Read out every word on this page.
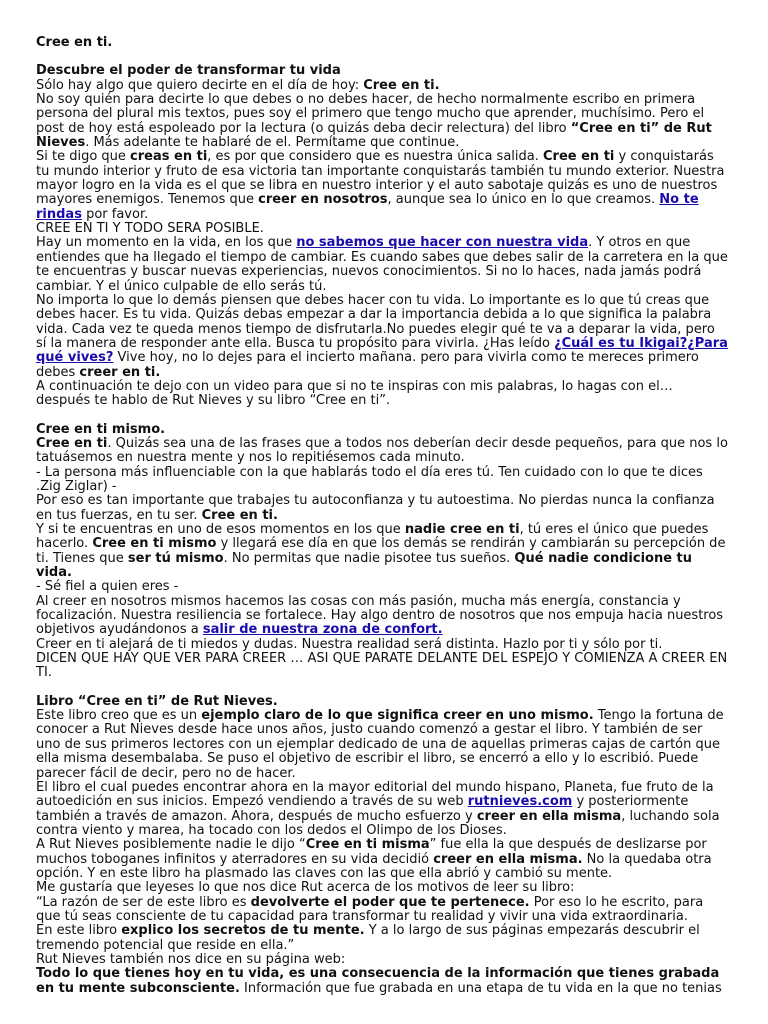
Cree en ti.

Descubre el poder de transformar tu vida

Sólo hay algo que quiero decirte en el día de hoy: Cree en ti.

No soy quién para decirte lo que debes o no debes hacer, de hecho normalmente escribo en primera persona del plural mis textos, pues soy el primero que tengo mucho que aprender, muchísimo. Pero el post de hoy está espoleado por la lectura (o quizás deba decir relectura) del libro “Cree en ti” de Rut Nieves. Más adelante te hablaré de el. Permítame que continue.

Si te digo que creas en ti, es por que considero que es nuestra única salida. Cree en ti y conquistarás tu mundo interior y fruto de esa victoria tan importante conquistarás también tu mundo exterior. Nuestra mayor logro en la vida es el que se libra en nuestro interior y el auto sabotaje quizás es uno de nuestros mayores enemigos. Tenemos que creer en nosotros, aunque sea lo único en lo que creamos. No te rindas por favor.

CREE EN TI Y TODO SERA POSIBLE.

Hay un momento en la vida, en los que no sabemos que hacer con nuestra vida. Y otros en que entiendes que ha llegado el tiempo de cambiar. Es cuando sabes que debes salir de la carretera en la que te encuentras y buscar nuevas experiencias, nuevos conocimientos. Si no lo haces, nada jamás podrá cambiar. Y el único culpable de ello serás tú.

No importa lo que lo demás piensen que debes hacer con tu vida. Lo importante es lo que tú creas que debes hacer. Es tu vida. Quizás debas empezar a dar la importancia debida a lo que significa la palabra vida. Cada vez te queda menos tiempo de disfrutarla.No puedes elegir qué te va a deparar la vida, pero sí la manera de responder ante ella. Busca tu propósito para vivirla. ¿Has leído ¿Cuál es tu Ikigai?¿Para qué vives? Vive hoy, no lo dejes para el incierto mañana. pero para vivirla como te mereces primero debes creer en ti.

A continuación te dejo con un video para que si no te inspiras con mis palabras, lo hagas con el… después te hablo de Rut Nieves y su libro “Cree en ti”.

Cree en ti mismo.

Cree en ti. Quizás sea una de las frases que a todos nos deberían decir desde pequeños, para que nos lo tatuásemos en nuestra mente y nos lo repitiésemos cada minuto.

- La persona más influenciable con la que hablarás todo el día eres tú. Ten cuidado con lo que te dices .Zig Ziglar) -

Por eso es tan importante que trabajes tu autoconfianza y tu autoestima. No pierdas nunca la confianza en tus fuerzas, en tu ser. Cree en ti.

Y si te encuentras en uno de esos momentos en los que nadie cree en ti, tú eres el único que puedes hacerlo. Cree en ti mismo y llegará ese día en que los demás se rendirán y cambiarán su percepción de ti. Tienes que ser tú mismo. No permitas que nadie pisotee tus sueños. Qué nadie condicione tu vida.

- Sé fiel a quien eres -

Al creer en nosotros mismos hacemos las cosas con más pasión, mucha más energía, constancia y focalización. Nuestra resiliencia se fortalece. Hay algo dentro de nosotros que nos empuja hacia nuestros objetivos ayudándonos a salir de nuestra zona de confort.

Creer en ti alejará de ti miedos y dudas. Nuestra realidad será distinta. Hazlo por ti y sólo por ti.

DICEN QUE HAY QUE VER PARA CREER … ASI QUE PARATE DELANTE DEL ESPEJO Y COMIENZA A CREER EN TI.

Libro “Cree en ti” de Rut Nieves.

Este libro creo que es un ejemplo claro de lo que significa creer en uno mismo. Tengo la fortuna de conocer a Rut Nieves desde hace unos años, justo cuando comenzó a gestar el libro. Y también de ser uno de sus primeros lectores con un ejemplar dedicado de una de aquellas primeras cajas de cartón que ella misma desembalaba. Se puso el objetivo de escribir el libro, se encerró a ello y lo escribió. Puede parecer fácil de decir, pero no de hacer.

El libro el cual puedes encontrar ahora en la mayor editorial del mundo hispano, Planeta, fue fruto de la autoedición en sus inicios. Empezó vendiendo a través de su web rutnieves.com y posteriormente también a través de amazon. Ahora, después de mucho esfuerzo y creer en ella misma, luchando sola contra viento y marea, ha tocado con los dedos el Olimpo de los Dioses.

A Rut Nieves posiblemente nadie le dijo “Cree en ti misma” fue ella la que después de deslizarse por muchos toboganes infinitos y aterradores en su vida decidió creer en ella misma. No la quedaba otra opción. Y en este libro ha plasmado las claves con las que ella abrió y cambió su mente.

Me gustaría que leyeses lo que nos dice Rut acerca de los motivos de leer su libro:

“La razón de ser de este libro es devolverte el poder que te pertenece. Por eso lo he escrito, para que tú seas consciente de tu capacidad para transformar tu realidad y vivir una vida extraordinaria.

En este libro explico los secretos de tu mente. Y a lo largo de sus páginas empezarás descubrir el tremendo potencial que reside en ella.”

Rut Nieves también nos dice en su página web:

Todo lo que tienes hoy en tu vida, es una consecuencia de la información que tienes grabada en tu mente subconsciente. Información que fue grabada en una etapa de tu vida en la que no tenias
